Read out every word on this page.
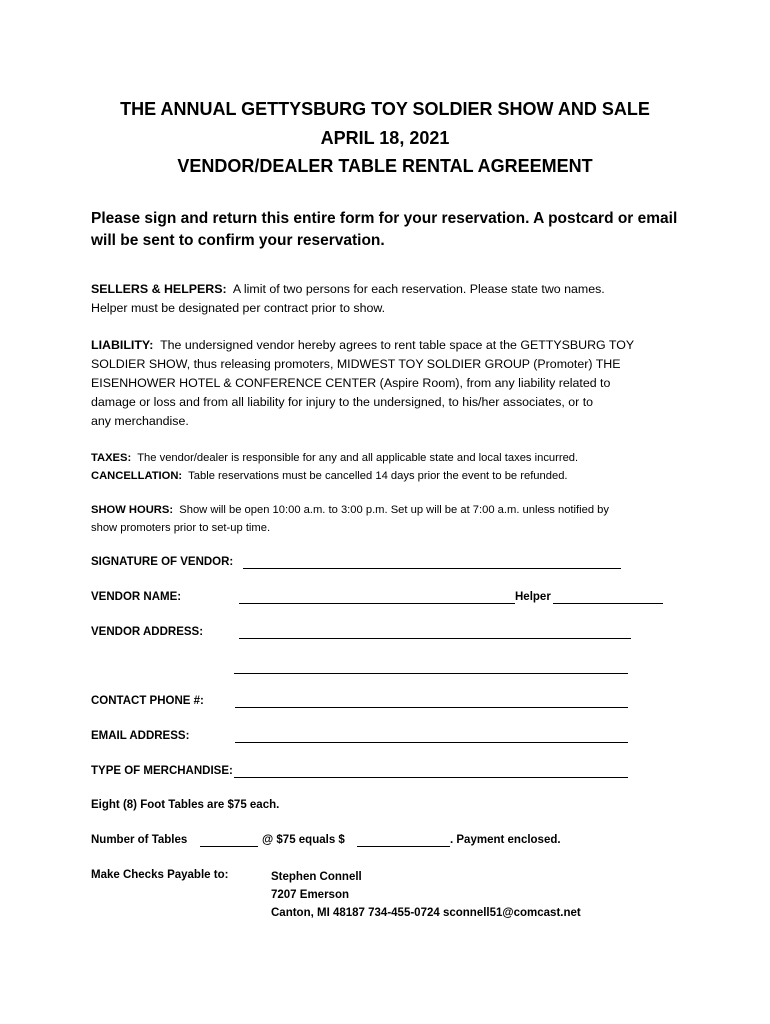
THE ANNUAL GETTYSBURG TOY SOLDIER SHOW AND SALE
APRIL 18, 2021
VENDOR/DEALER TABLE RENTAL AGREEMENT
Please sign and return this entire form for your reservation. A postcard or email
will be sent to confirm your reservation.
SELLERS & HELPERS: A limit of two persons for each reservation. Please state two names.
Helper must be designated per contract prior to show.
LIABILITY: The undersigned vendor hereby agrees to rent table space at the GETTYSBURG TOY
SOLDIER SHOW, thus releasing promoters, MIDWEST TOY SOLDIER GROUP (Promoter) THE
EISENHOWER HOTEL & CONFERENCE CENTER (Aspire Room), from any liability related to
damage or loss and from all liability for injury to the undersigned, to his/her associates, or to
any merchandise.
TAXES: The vendor/dealer is responsible for any and all applicable state and local taxes incurred.
CANCELLATION: Table reservations must be cancelled 14 days prior the event to be refunded.
SHOW HOURS: Show will be open 10:00 a.m. to 3:00 p.m. Set up will be at 7:00 a.m. unless notified by
show promoters prior to set-up time.
SIGNATURE OF VENDOR:
VENDOR NAME:	Helper
VENDOR ADDRESS:
CONTACT PHONE #:
EMAIL ADDRESS:
TYPE OF MERCHANDISE:
Eight (8) Foot Tables are $75 each.
Number of Tables	@ $75 equals $	. Payment enclosed.
Make Checks Payable to:	Stephen Connell
7207 Emerson
Canton, MI 48187 734-455-0724 sconnell51@comcast.net
